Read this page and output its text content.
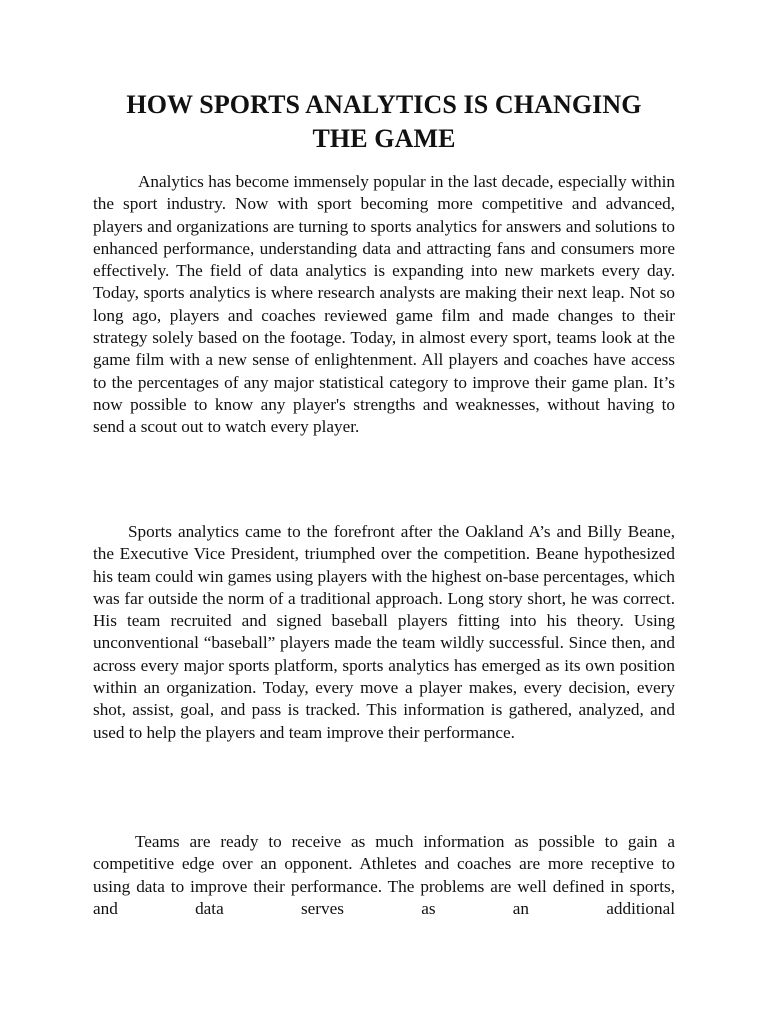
HOW SPORTS ANALYTICS IS CHANGING
THE GAME

Analytics has become immensely popular in the last decade, especially within the sport industry. Now with sport becoming more competitive and advanced, players and organizations are turning to sports analytics for answers and solutions to enhanced performance, understanding data and attracting fans and consumers more effectively. The field of data analytics is expanding into new markets every day. Today, sports analytics is where research analysts are making their next leap. Not so long ago, players and coaches reviewed game film and made changes to their strategy solely based on the footage. Today, in almost every sport, teams look at the game film with a new sense of enlightenment. All players and coaches have access to the percentages of any major statistical category to improve their game plan. It’s now possible to know any player's strengths and weaknesses, without having to send a scout out to watch every player.

Sports analytics came to the forefront after the Oakland A’s and Billy Beane, the Executive Vice President, triumphed over the competition. Beane hypothesized his team could win games using players with the highest on-base percentages, which was far outside the norm of a traditional approach. Long story short, he was correct. His team recruited and signed baseball players fitting into his theory. Using unconventional “baseball” players made the team wildly successful. Since then, and across every major sports platform, sports analytics has emerged as its own position within an organization. Today, every move a player makes, every decision, every shot, assist, goal, and pass is tracked. This information is gathered, analyzed, and used to help the players and team improve their performance.

Teams are ready to receive as much information as possible to gain a competitive edge over an opponent. Athletes and coaches are more receptive to using data to improve their performance. The problems are well defined in sports, and data serves as an additional
